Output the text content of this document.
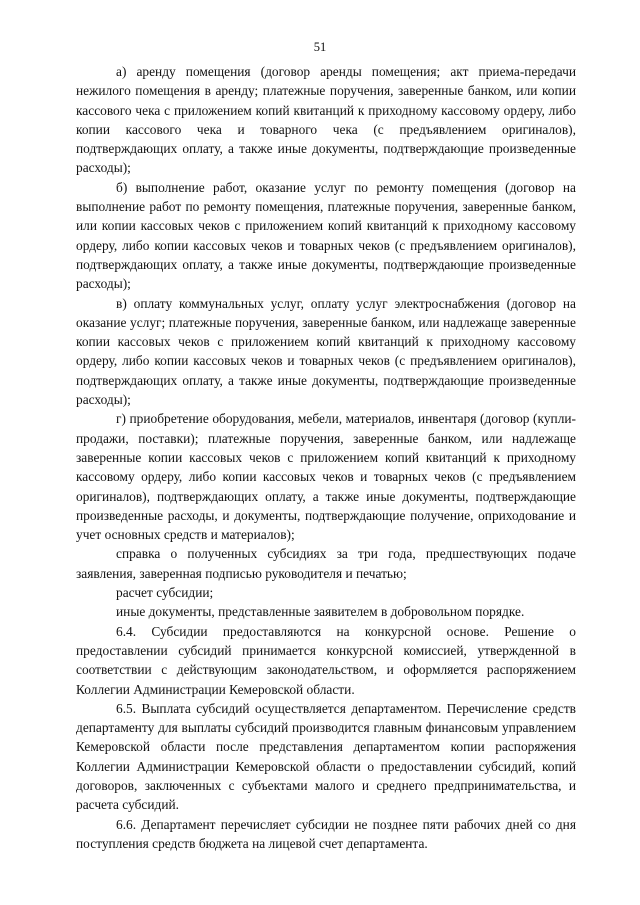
51

а) аренду помещения (договор аренды помещения; акт приема-передачи нежилого помещения в аренду; платежные поручения, заверенные банком, или копии кассового чека с приложением копий квитанций к приходному кассовому ордеру, либо копии кассового чека и товарного чека (с предъявлением оригиналов), подтверждающих оплату, а также иные документы, подтверждающие произведенные расходы);

б) выполнение работ, оказание услуг по ремонту помещения (договор на выполнение работ по ремонту помещения, платежные поручения, заверенные банком, или копии кассовых чеков с приложением копий квитанций к приходному кассовому ордеру, либо копии кассовых чеков и товарных чеков (с предъявлением оригиналов), подтверждающих оплату, а также иные документы, подтверждающие произведенные расходы);

в) оплату коммунальных услуг, оплату услуг электроснабжения (договор на оказание услуг; платежные поручения, заверенные банком, или надлежаще заверенные копии кассовых чеков с приложением копий квитанций к приходному кассовому ордеру, либо копии кассовых чеков и товарных чеков (с предъявлением оригиналов), подтверждающих оплату, а также иные документы, подтверждающие произведенные расходы);

г) приобретение оборудования, мебели, материалов, инвентаря (договор (купли-продажи, поставки); платежные поручения, заверенные банком, или надлежаще заверенные копии кассовых чеков с приложением копий квитанций к приходному кассовому ордеру, либо копии кассовых чеков и товарных чеков (с предъявлением оригиналов), подтверждающих оплату, а также иные документы, подтверждающие произведенные расходы, и документы, подтверждающие получение, оприходование и учет основных средств и материалов);

справка о полученных субсидиях за три года, предшествующих подаче заявления, заверенная подписью руководителя и печатью;

расчет субсидии;

иные документы, представленные заявителем в добровольном порядке.

6.4. Субсидии предоставляются на конкурсной основе. Решение о предоставлении субсидий принимается конкурсной комиссией, утвержденной в соответствии с действующим законодательством, и оформляется распоряжением Коллегии Администрации Кемеровской области.

6.5. Выплата субсидий осуществляется департаментом. Перечисление средств департаменту для выплаты субсидий производится главным финансовым управлением Кемеровской области после представления департаментом копии распоряжения Коллегии Администрации Кемеровской области о предоставлении субсидий, копий договоров, заключенных с субъектами малого и среднего предпринимательства, и расчета субсидий.

6.6. Департамент перечисляет субсидии не позднее пяти рабочих дней со дня поступления средств бюджета на лицевой счет департамента.
